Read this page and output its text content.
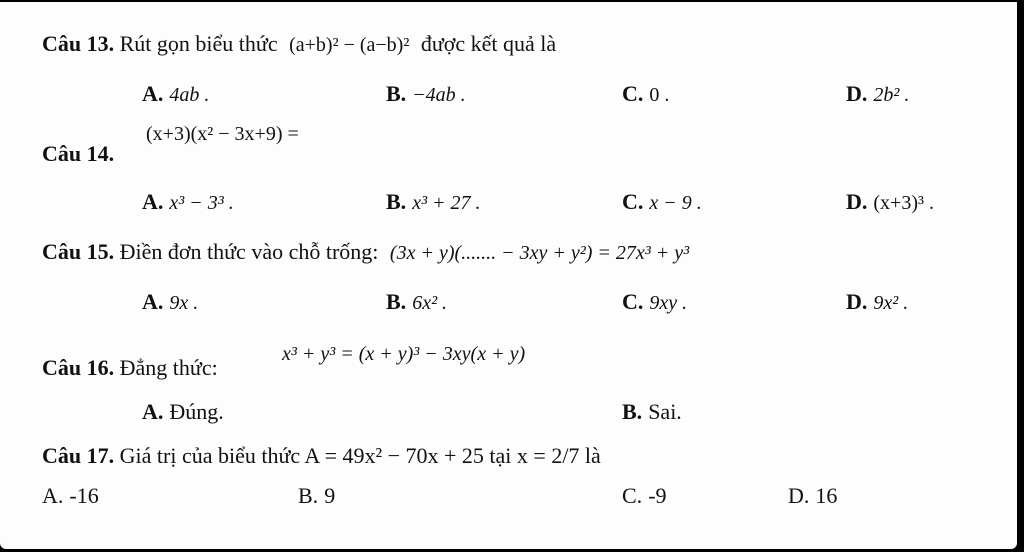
Câu 13. Rút gọn biểu thức (a+b)² − (a−b)² được kết quả là
A. 4ab .	B. −4ab .	C. 0 .	D. 2b² .
Câu 14.
(x+3)(x² − 3x+9) =
A. x³ − 3³ .	B. x³ + 27 .	C. x − 9 .	D. (x+3)³ .
Câu 15. Điền đơn thức vào chỗ trống: (3x + y)(....... − 3xy + y²) = 27x³ + y³
A. 9x .	B. 6x² .	C. 9xy .	D. 9x² .
Câu 16. Đẳng thức:
x³ + y³ = (x + y)³ − 3xy(x + y)
A. Đúng.	B. Sai.
Câu 17. Giá trị của biểu thức A = 49x² − 70x + 25 tại x = 2/7 là
A. -16	B. 9	C. -9	D. 16
